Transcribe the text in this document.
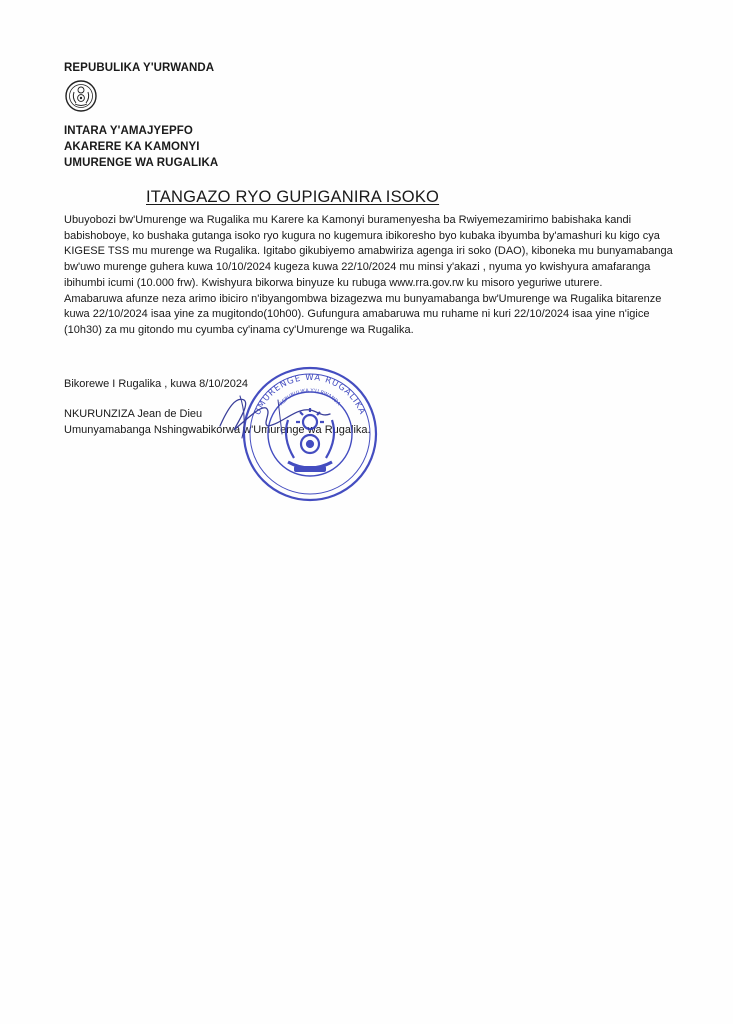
REPUBULIKA Y'URWANDA
INTARA Y'AMAJYEPFO
AKARERE KA KAMONYI
UMURENGE WA RUGALIKA
ITANGAZO RYO GUPIGANIRA ISOKO

Ubuyobozi bw'Umurenge wa Rugalika mu Karere ka Kamonyi buramenyesha ba Rwiyemezamirimo babishaka kandi babishoboye, ko bushaka gutanga isoko ryo kugura no kugemura ibikoresho byo kubaka ibyumba by'amashuri ku kigo cya KIGESE TSS mu murenge wa Rugalika. Igitabo gikubiyemo amabwiriza agenga iri soko (DAO), kiboneka mu bunyamabanga bw'uwo murenge guhera kuwa 10/10/2024 kugeza kuwa 22/10/2024 mu minsi y'akazi , nyuma yo kwishyura amafaranga ibihumbi icumi (10.000 frw). Kwishyura bikorwa binyuze ku rubuga www.rra.gov.rw ku misoro yeguriwe uturere.

Amabaruwa afunze neza arimo ibiciro n'ibyangombwa bizagezwa mu bunyamabanga bw'Umurenge wa Rugalika bitarenze kuwa 22/10/2024 isaa yine za mugitondo(10h00). Gufungura amabaruwa mu ruhame ni kuri 22/10/2024 isaa yine n'igice (10h30) za mu gitondo mu cyumba cy'inama cy'Umurenge wa Rugalika.

Bikorewe I Rugalika , kuwa 8/10/2024
NKURUNZIZA Jean de Dieu
Umunyamabanga Nshingwabikorwa w'Umurenge wa Rugalika.
UMURENGE WA RUGALIKA
REPUBULIKA Y'U RWANDA
